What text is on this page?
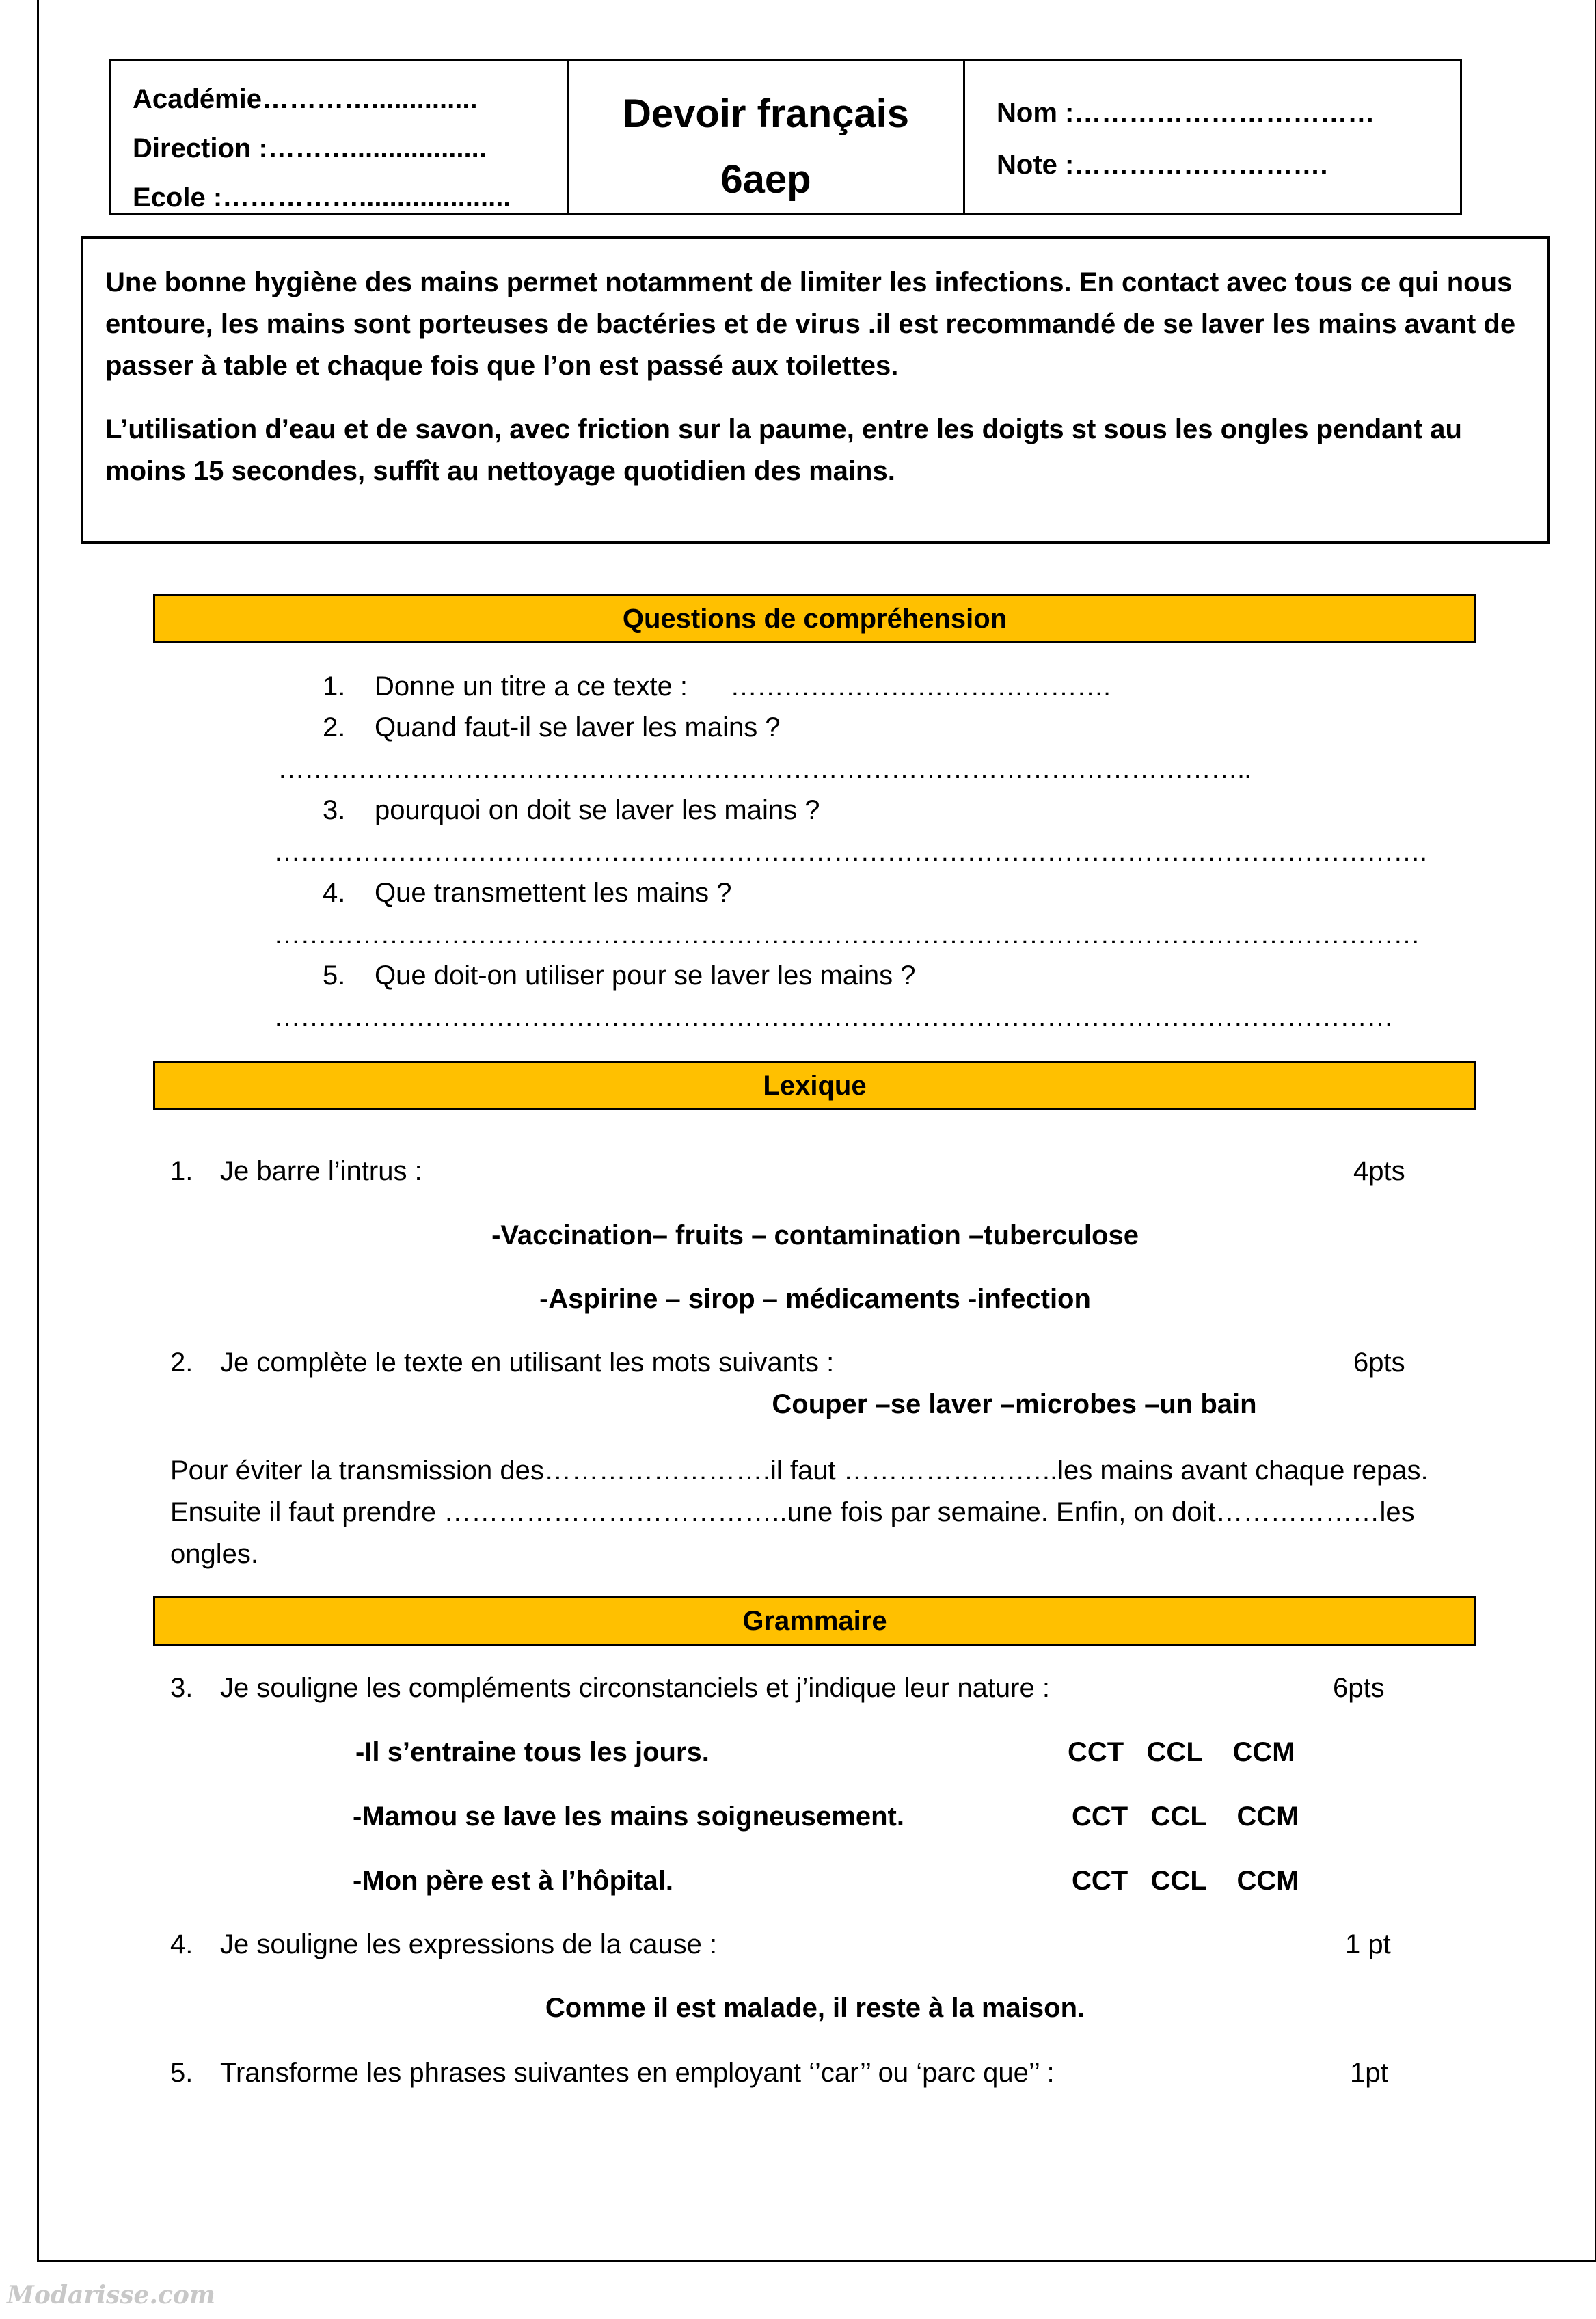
Académie…………..............
Direction :………..................
Ecole :……………....................
Devoir français
6aep
Nom :……………………………
Note :……………………….

Une bonne hygiène des mains permet notamment de limiter les infections. En contact avec tous ce qui nous entoure, les mains sont porteuses de bactéries et de virus .il est recommandé de se laver les mains avant de passer à table et chaque fois que l’on est passé aux toilettes.

L’utilisation d’eau et de savon, avec friction sur la paume, entre les doigts st sous les ongles pendant au moins 15 secondes, suffît au nettoyage quotidien des mains.

Questions de compréhension
1. Donne un titre a ce texte : …………………………………….
2. Quand faut-il se laver les mains ?
………………………………………………………………………………………………..
3. pourquoi on doit se laver les mains ?
………………………………………………………………………………………………………………….
4. Que transmettent les mains ?
…………………………………………………………………………………………………………………
5. Que doit-on utiliser pour se laver les mains ?
………………………………………………………………………………………………………………
Lexique
1. Je barre l’intrus :	4pts
-Vaccination– fruits – contamination –tuberculose
-Aspirine – sirop – médicaments -infection
2. Je complète le texte en utilisant les mots suivants :	6pts
Couper –se laver –microbes –un bain

Pour éviter la transmission des…………………….il faut ……………….…..les mains avant chaque repas.

Ensuite il faut prendre ………………………………..une fois par semaine. Enfin, on doit………………les

ongles.

Grammaire
3. Je souligne les compléments circonstanciels et j’indique leur nature :	6pts
-Il s’entraine tous les jours.	CCT   CCL    CCM
-Mamou se lave les mains soigneusement.	CCT   CCL    CCM
-Mon père est à l’hôpital.	CCT   CCL    CCM
4. Je souligne les expressions de la cause :	1 pt
Comme il est malade, il reste à la maison.
5. Transforme les phrases suivantes en employant ‘’car’’ ou ‘parc que’’ :	1pt
Modarisse.com
